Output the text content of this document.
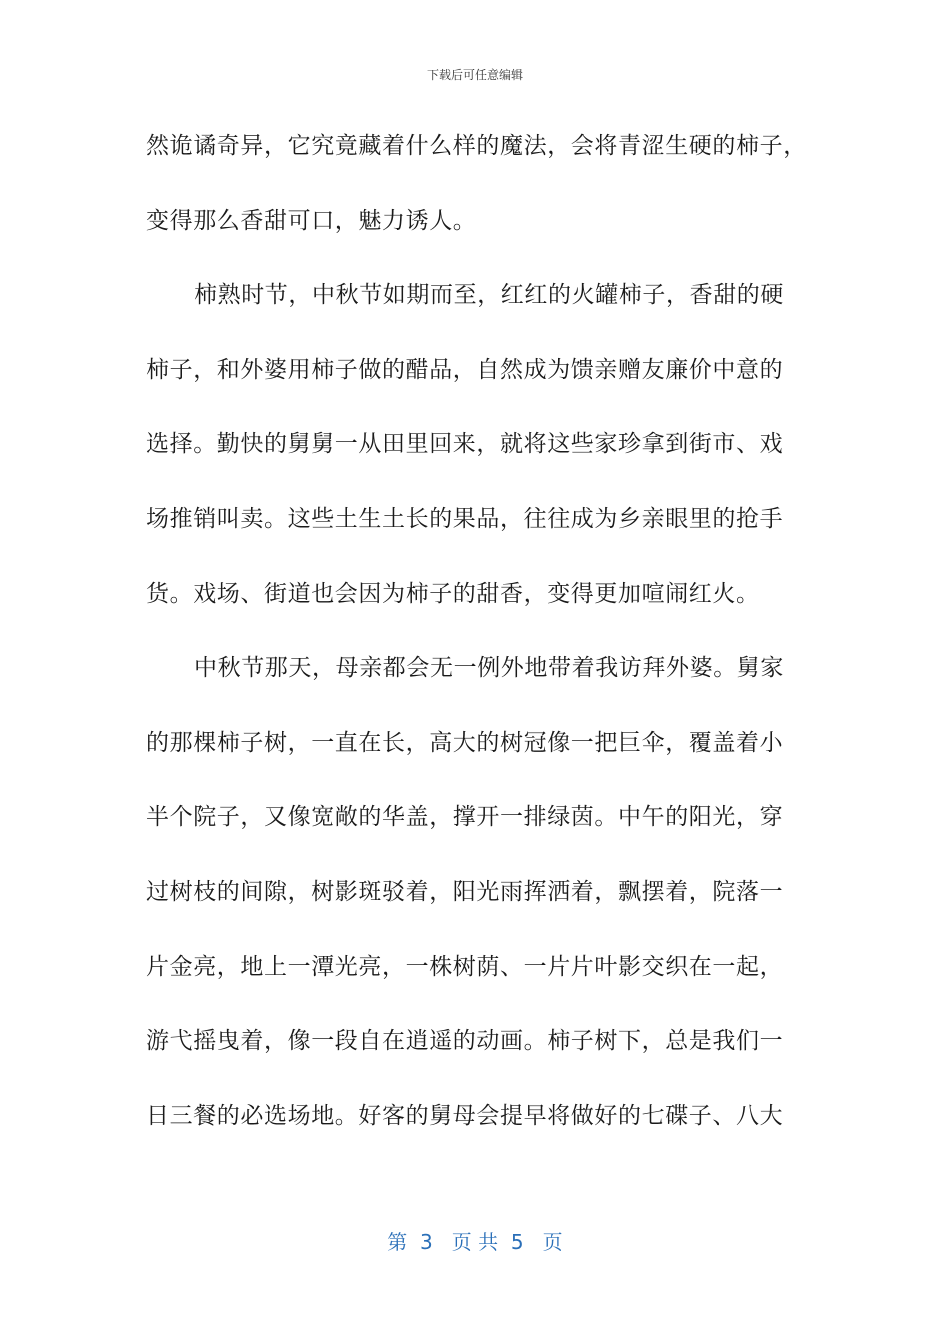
下载后可任意编辑
然诡谲奇异，它究竟藏着什么样的魔法，会将青涩生硬的柿子，
变得那么香甜可口，魅力诱人。
柿熟时节，中秋节如期而至，红红的火罐柿子，香甜的硬
柿子，和外婆用柿子做的醋品，自然成为馈亲赠友廉价中意的
选择。勤快的舅舅一从田里回来，就将这些家珍拿到街市、戏
场推销叫卖。这些土生土长的果品，往往成为乡亲眼里的抢手
货。戏场、街道也会因为柿子的甜香，变得更加喧闹红火。
中秋节那天，母亲都会无一例外地带着我访拜外婆。舅家
的那棵柿子树，一直在长，高大的树冠像一把巨伞，覆盖着小
半个院子，又像宽敞的华盖，撑开一排绿茵。中午的阳光，穿
过树枝的间隙，树影斑驳着，阳光雨挥洒着，飘摆着，院落一
片金亮，地上一潭光亮，一株树荫、一片片叶影交织在一起，
游弋摇曳着，像一段自在逍遥的动画。柿子树下，总是我们一
日三餐的必选场地。好客的舅母会提早将做好的七碟子、八大
第  3   页 共  5   页
